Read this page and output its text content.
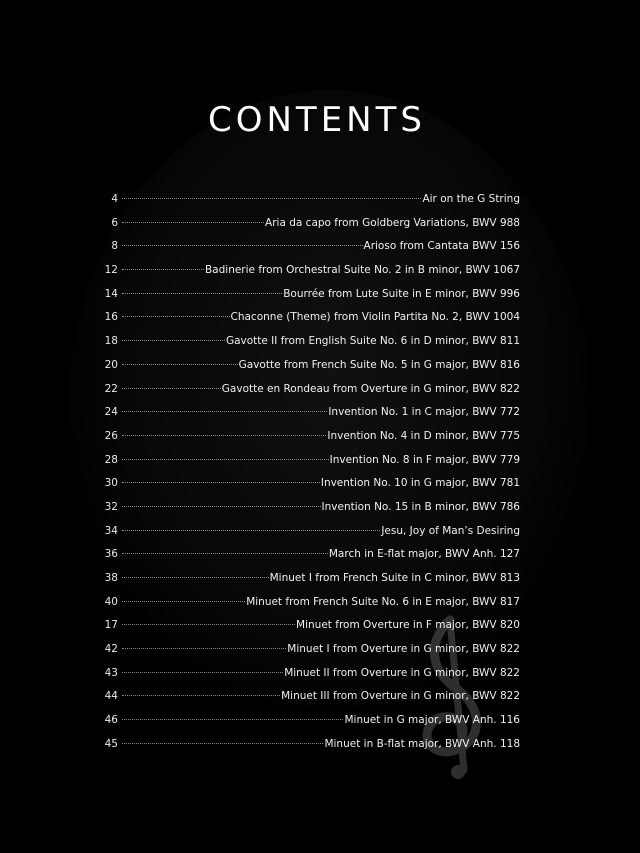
CONTENTS
4	Air on the G String
6	Aria da capo from Goldberg Variations, BWV 988
8	Arioso from Cantata BWV 156
12	Badinerie from Orchestral Suite No. 2 in B minor, BWV 1067
14	Bourrée from Lute Suite in E minor, BWV 996
16	Chaconne (Theme) from Violin Partita No. 2, BWV 1004
18	Gavotte II from English Suite No. 6 in D minor, BWV 811
20	Gavotte from French Suite No. 5 in G major, BWV 816
22	Gavotte en Rondeau from Overture in G minor, BWV 822
24	Invention No. 1 in C major, BWV 772
26	Invention No. 4 in D minor, BWV 775
28	Invention No. 8 in F major, BWV 779
30	Invention No. 10 in G major, BWV 781
32	Invention No. 15 in B minor, BWV 786
34	Jesu, Joy of Man’s Desiring
36	March in E-flat major, BWV Anh. 127
38	Minuet I from French Suite in C minor, BWV 813
40	Minuet from French Suite No. 6 in E major, BWV 817
17	Minuet from Overture in F major, BWV 820
42	Minuet I from Overture in G minor, BWV 822
43	Minuet II from Overture in G minor, BWV 822
44	Minuet III from Overture in G minor, BWV 822
46	Minuet in G major, BWV Anh. 116
45	Minuet in B-flat major, BWV Anh. 118
